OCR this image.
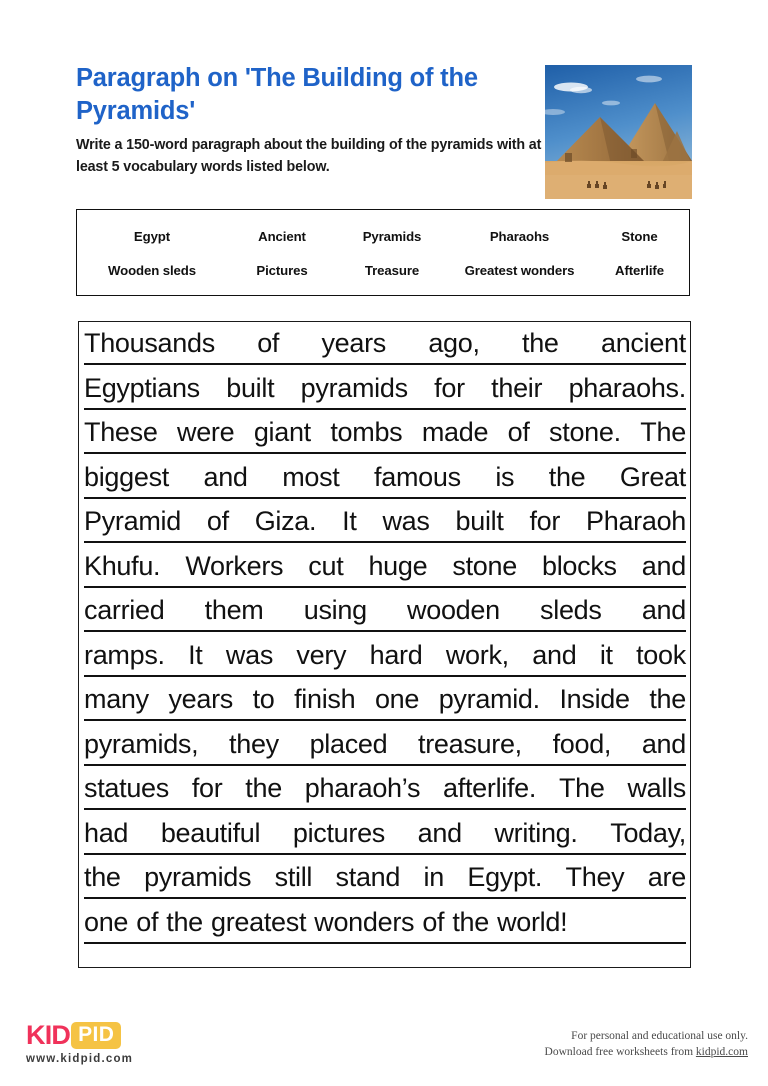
Paragraph on 'The Building of the Pyramids'

Write a 150-word paragraph about the building of the pyramids with at least 5 vocabulary words listed below.

Egypt	Ancient	Pyramids	Pharaohs	Stone
Wooden sleds	Pictures	Treasure	Greatest wonders	Afterlife
Thousands of years ago, the ancient
Egyptians built pyramids for their pharaohs.
These were giant tombs made of stone. The
biggest and most famous is the Great
Pyramid of Giza. It was built for Pharaoh
Khufu. Workers cut huge stone blocks and
carried them using wooden sleds and
ramps. It was very hard work, and it took
many years to finish one pyramid. Inside the
pyramids, they placed treasure, food, and
statues for the pharaoh’s afterlife. The walls
had beautiful pictures and writing. Today,
the pyramids still stand in Egypt. They are
one of the greatest wonders of the world!
KID PID
www.kidpid.com
For personal and educational use only.
Download free worksheets from kidpid.com
